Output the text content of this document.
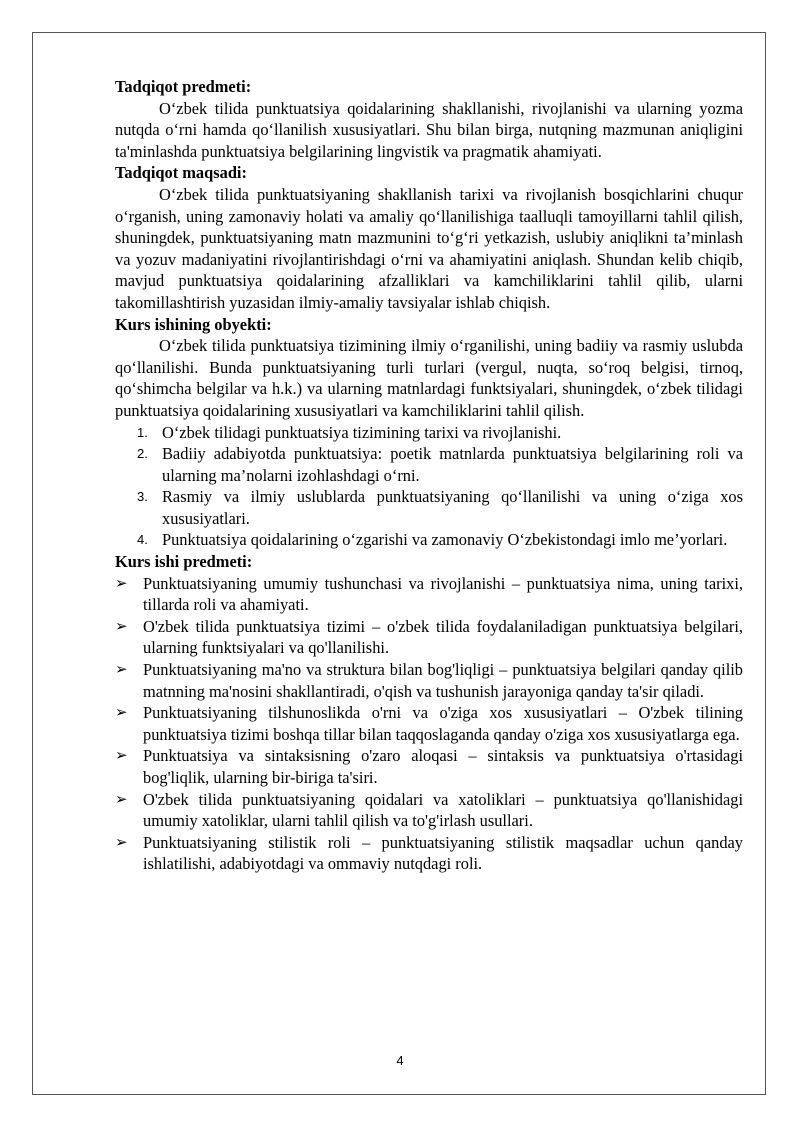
Tadqiqot predmeti:

O‘zbek tilida punktuatsiya qoidalarining shakllanishi, rivojlanishi va ularning yozma nutqda o‘rni hamda qo‘llanilish xususiyatlari. Shu bilan birga, nutqning mazmunan aniqligini ta'minlashda punktuatsiya belgilarining lingvistik va pragmatik ahamiyati.

Tadqiqot maqsadi:

O‘zbek tilida punktuatsiyaning shakllanish tarixi va rivojlanish bosqichlarini chuqur o‘rganish, uning zamonaviy holati va amaliy qo‘llanilishiga taalluqli tamoyillarni tahlil qilish, shuningdek, punktuatsiyaning matn mazmunini to‘g‘ri yetkazish, uslubiy aniqlikni ta’minlash va yozuv madaniyatini rivojlantirishdagi o‘rni va ahamiyatini aniqlash. Shundan kelib chiqib, mavjud punktuatsiya qoidalarining afzalliklari va kamchiliklarini tahlil qilib, ularni takomillashtirish yuzasidan ilmiy-amaliy tavsiyalar ishlab chiqish.

Kurs ishining obyekti:

O‘zbek tilida punktuatsiya tizimining ilmiy o‘rganilishi, uning badiiy va rasmiy uslubda qo‘llanilishi. Bunda punktuatsiyaning turli turlari (vergul, nuqta, so‘roq belgisi, tirnoq, qo‘shimcha belgilar va h.k.) va ularning matnlardagi funktsiyalari, shuningdek, o‘zbek tilidagi punktuatsiya qoidalarining xususiyatlari va kamchiliklarini tahlil qilish.

1. O‘zbek tilidagi punktuatsiya tizimining tarixi va rivojlanishi.
2. Badiiy adabiyotda punktuatsiya: poetik matnlarda punktuatsiya belgilarining roli va ularning ma’nolarni izohlashdagi o‘rni.
3. Rasmiy va ilmiy uslublarda punktuatsiyaning qo‘llanilishi va uning o‘ziga xos xususiyatlari.
4. Punktuatsiya qoidalarining o‘zgarishi va zamonaviy O‘zbekistondagi imlo me’yorlari.

Kurs ishi predmeti:

➢ Punktuatsiyaning umumiy tushunchasi va rivojlanishi – punktuatsiya nima, uning tarixi, tillarda roli va ahamiyati.
➢ O'zbek tilida punktuatsiya tizimi – o'zbek tilida foydalaniladigan punktuatsiya belgilari, ularning funktsiyalari va qo'llanilishi.
➢ Punktuatsiyaning ma'no va struktura bilan bog'liqligi – punktuatsiya belgilari qanday qilib matnning ma'nosini shakllantiradi, o'qish va tushunish jarayoniga qanday ta'sir qiladi.
➢ Punktuatsiyaning tilshunoslikda o'rni va o'ziga xos xususiyatlari – O'zbek tilining punktuatsiya tizimi boshqa tillar bilan taqqoslaganda qanday o'ziga xos xususiyatlarga ega.
➢ Punktuatsiya va sintaksisning o'zaro aloqasi – sintaksis va punktuatsiya o'rtasidagi bog'liqlik, ularning bir-biriga ta'siri.
➢ O'zbek tilida punktuatsiyaning qoidalari va xatoliklari – punktuatsiya qo'llanishidagi umumiy xatoliklar, ularni tahlil qilish va to'g'irlash usullari.
➢ Punktuatsiyaning stilistik roli – punktuatsiyaning stilistik maqsadlar uchun qanday ishlatilishi, adabiyotdagi va ommaviy nutqdagi roli.
4
